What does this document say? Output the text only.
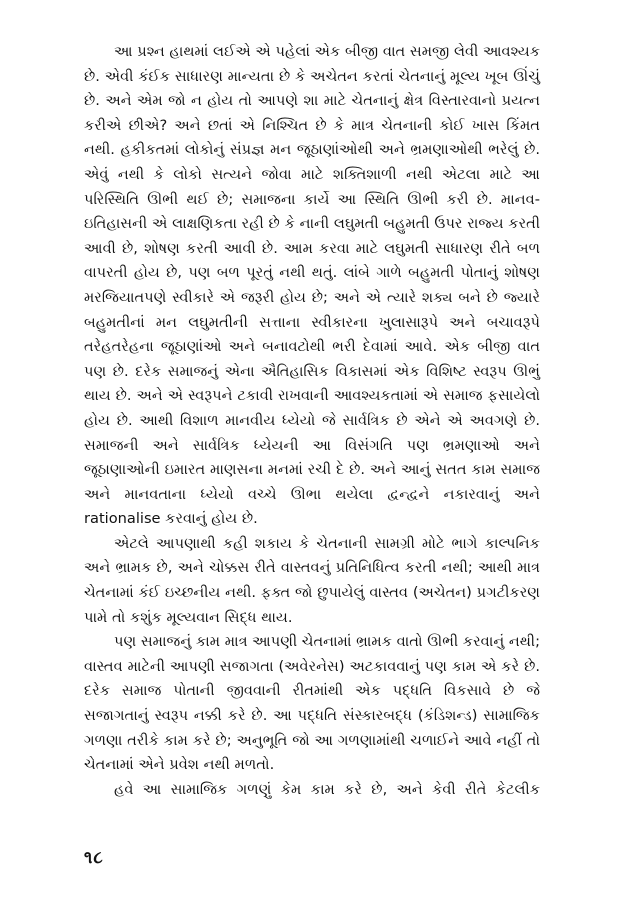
આ પ્રશ્ન હાથમાં લઈએ એ પહેલાં એક બીજી વાત સમજી લેવી આવશ્યક છે. એવી કંઈક સાધારણ માન્યતા છે કે અચેતન કરતાં ચેતનાનું મૂલ્ય ખૂબ ઊંચું છે. અને એમ જો ન હોય તો આપણે શા માટે ચેતનાનું ક્ષેત્ર વિસ્તારવાનો પ્રયત્ન કરીએ છીએ? અને છતાં એ નિશ્ચિત છે કે માત્ર ચેતનાની કોઈ ખાસ કિંમત નથી. હકીકતમાં લોકોનું સંપ્રજ્ઞ મન જૂઠાણાંઓથી અને ભ્રમણાઓથી ભરેલું છે. એવું નથી કે લોકો સત્યને જોવા માટે શક્તિશાળી નથી એટલા માટે આ પરિસ્થિતિ ઊભી થઈ છે; સમાજના કાર્યે આ સ્થિતિ ઊભી કરી છે. માનવ-ઇતિહાસની એ લાક્ષણિકતા રહી છે કે નાની લઘુમતી બહુમતી ઉપર રાજ્ય કરતી આવી છે, શોષણ કરતી આવી છે. આમ કરવા માટે લઘુમતી સાધારણ રીતે બળ વાપરતી હોય છે, પણ બળ પૂરતું નથી થતું. લાંબે ગાળે બહુમતી પોતાનું શોષણ મરજિયાતપણે સ્વીકારે એ જરૂરી હોય છે; અને એ ત્યારે શક્ય બને છે જ્યારે બહુમતીનાં મન લઘુમતીની સત્તાના સ્વીકારના ખુલાસારૂપે અને બચાવરૂપે તરેહતરેહના જૂઠાણાંઓ અને બનાવટોથી ભરી દેવામાં આવે. એક બીજી વાત પણ છે. દરેક સમાજનું એના ઐતિહાસિક વિકાસમાં એક વિશિષ્ટ સ્વરૂપ ઊભું થાય છે. અને એ સ્વરૂપને ટકાવી રાખવાની આવશ્યકતામાં એ સમાજ ફસાયેલો હોય છે. આથી વિશાળ માનવીય ધ્યેયો જે સાર્વત્રિક છે એને એ અવગણે છે. સમાજની અને સાર્વત્રિક ધ્યેયની આ વિસંગતિ પણ ભ્રમણાઓ અને જૂઠાણાઓની ઇમારત માણસના મનમાં રચી દે છે. અને આનું સતત કામ સમાજ અને માનવતાના ધ્યેયો વચ્ચે ઊભા થયેલા દ્વન્દ્વને નકારવાનું અને rationalise કરવાનું હોય છે.

એટલે આપણાથી કહી શકાય કે ચેતનાની સામગ્રી મોટે ભાગે કાલ્પનિક અને ભ્રામક છે, અને ચોક્કસ રીતે વાસ્તવનું પ્રતિનિધિત્વ કરતી નથી; આથી માત્ર ચેતનામાં કંઈ ઇચ્છનીય નથી. ફક્ત જો છુપાયેલું વાસ્તવ (અચેતન) પ્રગટીકરણ પામે તો કશુંક મૂલ્યવાન સિદ્ધ થાય.

પણ સમાજનું કામ માત્ર આપણી ચેતનામાં ભ્રામક વાતો ઊભી કરવાનું નથી; વાસ્તવ માટેની આપણી સજાગતા (અવેરનેસ) અટકાવવાનું પણ કામ એ કરે છે. દરેક સમાજ પોતાની જીવવાની રીતમાંથી એક પદ્ધતિ વિકસાવે છે જે સજાગતાનું સ્વરૂપ નક્કી કરે છે. આ પદ્ધતિ સંસ્કારબદ્ધ (કંડિશન્ડ) સામાજિક ગળણા તરીકે કામ કરે છે; અનુભૂતિ જો આ ગળણામાંથી ચળાઈને આવે નહીં તો ચેતનામાં એને પ્રવેશ નથી મળતો.

હવે આ સામાજિક ગળણું કેમ કામ કરે છે, અને કેવી રીતે કેટલીક

૧૮
